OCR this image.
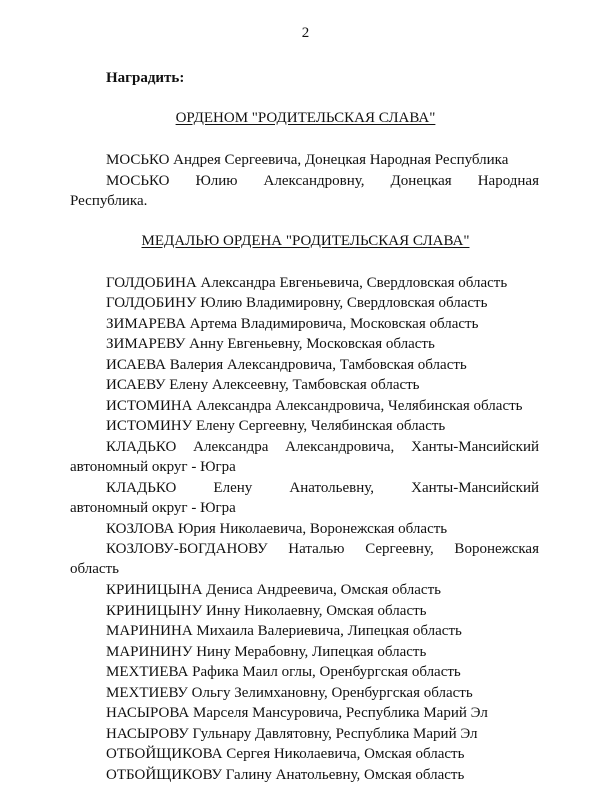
2
Наградить:
ОРДЕНОМ "РОДИТЕЛЬСКАЯ СЛАВА"
МОСЬКО Андрея Сергеевича, Донецкая Народная Республика
МОСЬКО Юлию Александровну, Донецкая Народная
Республика.
МЕДАЛЬЮ ОРДЕНА "РОДИТЕЛЬСКАЯ СЛАВА"
ГОЛДОБИНА Александра Евгеньевича, Свердловская область
ГОЛДОБИНУ Юлию Владимировну, Свердловская область
ЗИМАРЕВА Артема Владимировича, Московская область
ЗИМАРЕВУ Анну Евгеньевну, Московская область
ИСАЕВА Валерия Александровича, Тамбовская область
ИСАЕВУ Елену Алексеевну, Тамбовская область
ИСТОМИНА Александра Александровича, Челябинская область
ИСТОМИНУ Елену Сергеевну, Челябинская область
КЛАДЬКО Александра Александровича, Ханты-Мансийский
автономный округ - Югра
КЛАДЬКО Елену Анатольевну, Ханты-Мансийский
автономный округ - Югра
КОЗЛОВА Юрия Николаевича, Воронежская область
КОЗЛОВУ-БОГДАНОВУ Наталью Сергеевну, Воронежская
область
КРИНИЦЫНА Дениса Андреевича, Омская область
КРИНИЦЫНУ Инну Николаевну, Омская область
МАРИНИНА Михаила Валериевича, Липецкая область
МАРИНИНУ Нину Мерабовну, Липецкая область
МЕХТИЕВА Рафика Маил оглы, Оренбургская область
МЕХТИЕВУ Ольгу Зелимхановну, Оренбургская область
НАСЫРОВА Марселя Мансуровича, Республика Марий Эл
НАСЫРОВУ Гульнару Давлятовну, Республика Марий Эл
ОТБОЙЩИКОВА Сергея Николаевича, Омская область
ОТБОЙЩИКОВУ Галину Анатольевну, Омская область
